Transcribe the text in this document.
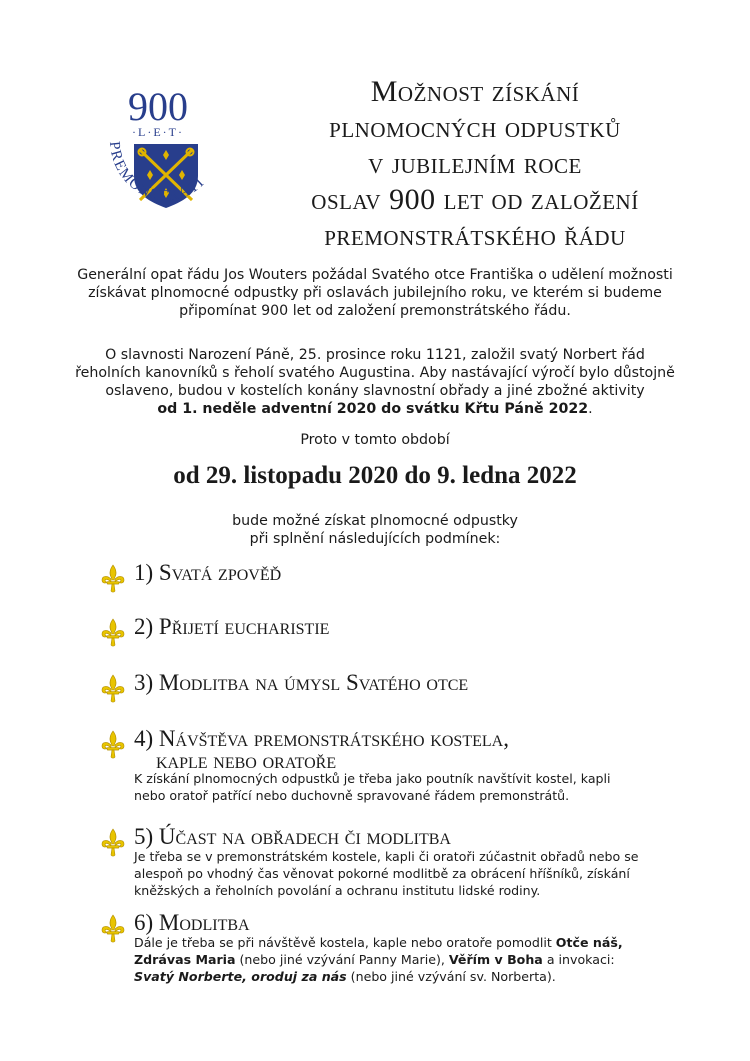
900
·L·E·T·
PREMONSTRÁTI
Možnost získání
plnomocných odpustků
v jubilejním roce
oslav 900 let od založení
premonstrátského řádu
Generální opat řádu Jos Wouters požádal Svatého otce Františka o udělení možnosti
získávat plnomocné odpustky při oslavách jubilejního roku, ve kterém si budeme
připomínat 900 let od založení premonstrátského řádu.
O slavnosti Narození Páně, 25. prosince roku 1121, založil svatý Norbert řád
řeholních kanovníků s řeholí svatého Augustina. Aby nastávající výročí bylo důstojně
oslaveno, budou v kostelích konány slavnostní obřady a jiné zbožné aktivity
od 1. neděle adventní 2020 do svátku Křtu Páně 2022.
Proto v tomto období
od 29. listopadu 2020 do 9. ledna 2022
bude možné získat plnomocné odpustky
při splnění následujících podmínek:
1) Svatá zpověď
2) Přijetí eucharistie
3) Modlitba na úmysl Svatého otce
4) Návštěva premonstrátského kostela,
kaple nebo oratoře
K získání plnomocných odpustků je třeba jako poutník navštívit kostel, kapli
nebo oratoř patřící nebo duchovně spravované řádem premonstrátů.
5) Účast na obřadech či modlitba
Je třeba se v premonstrátském kostele, kapli či oratoři zúčastnit obřadů nebo se
alespoň po vhodný čas věnovat pokorné modlitbě za obrácení hříšníků, získání
kněžských a řeholních povolání a ochranu institutu lidské rodiny.
6) Modlitba
Dále je třeba se při návštěvě kostela, kaple nebo oratoře pomodlit Otče náš,
Zdrávas Maria (nebo jiné vzývání Panny Marie), Věřím v Boha a invokaci:
Svatý Norberte, oroduj za nás (nebo jiné vzývání sv. Norberta).
